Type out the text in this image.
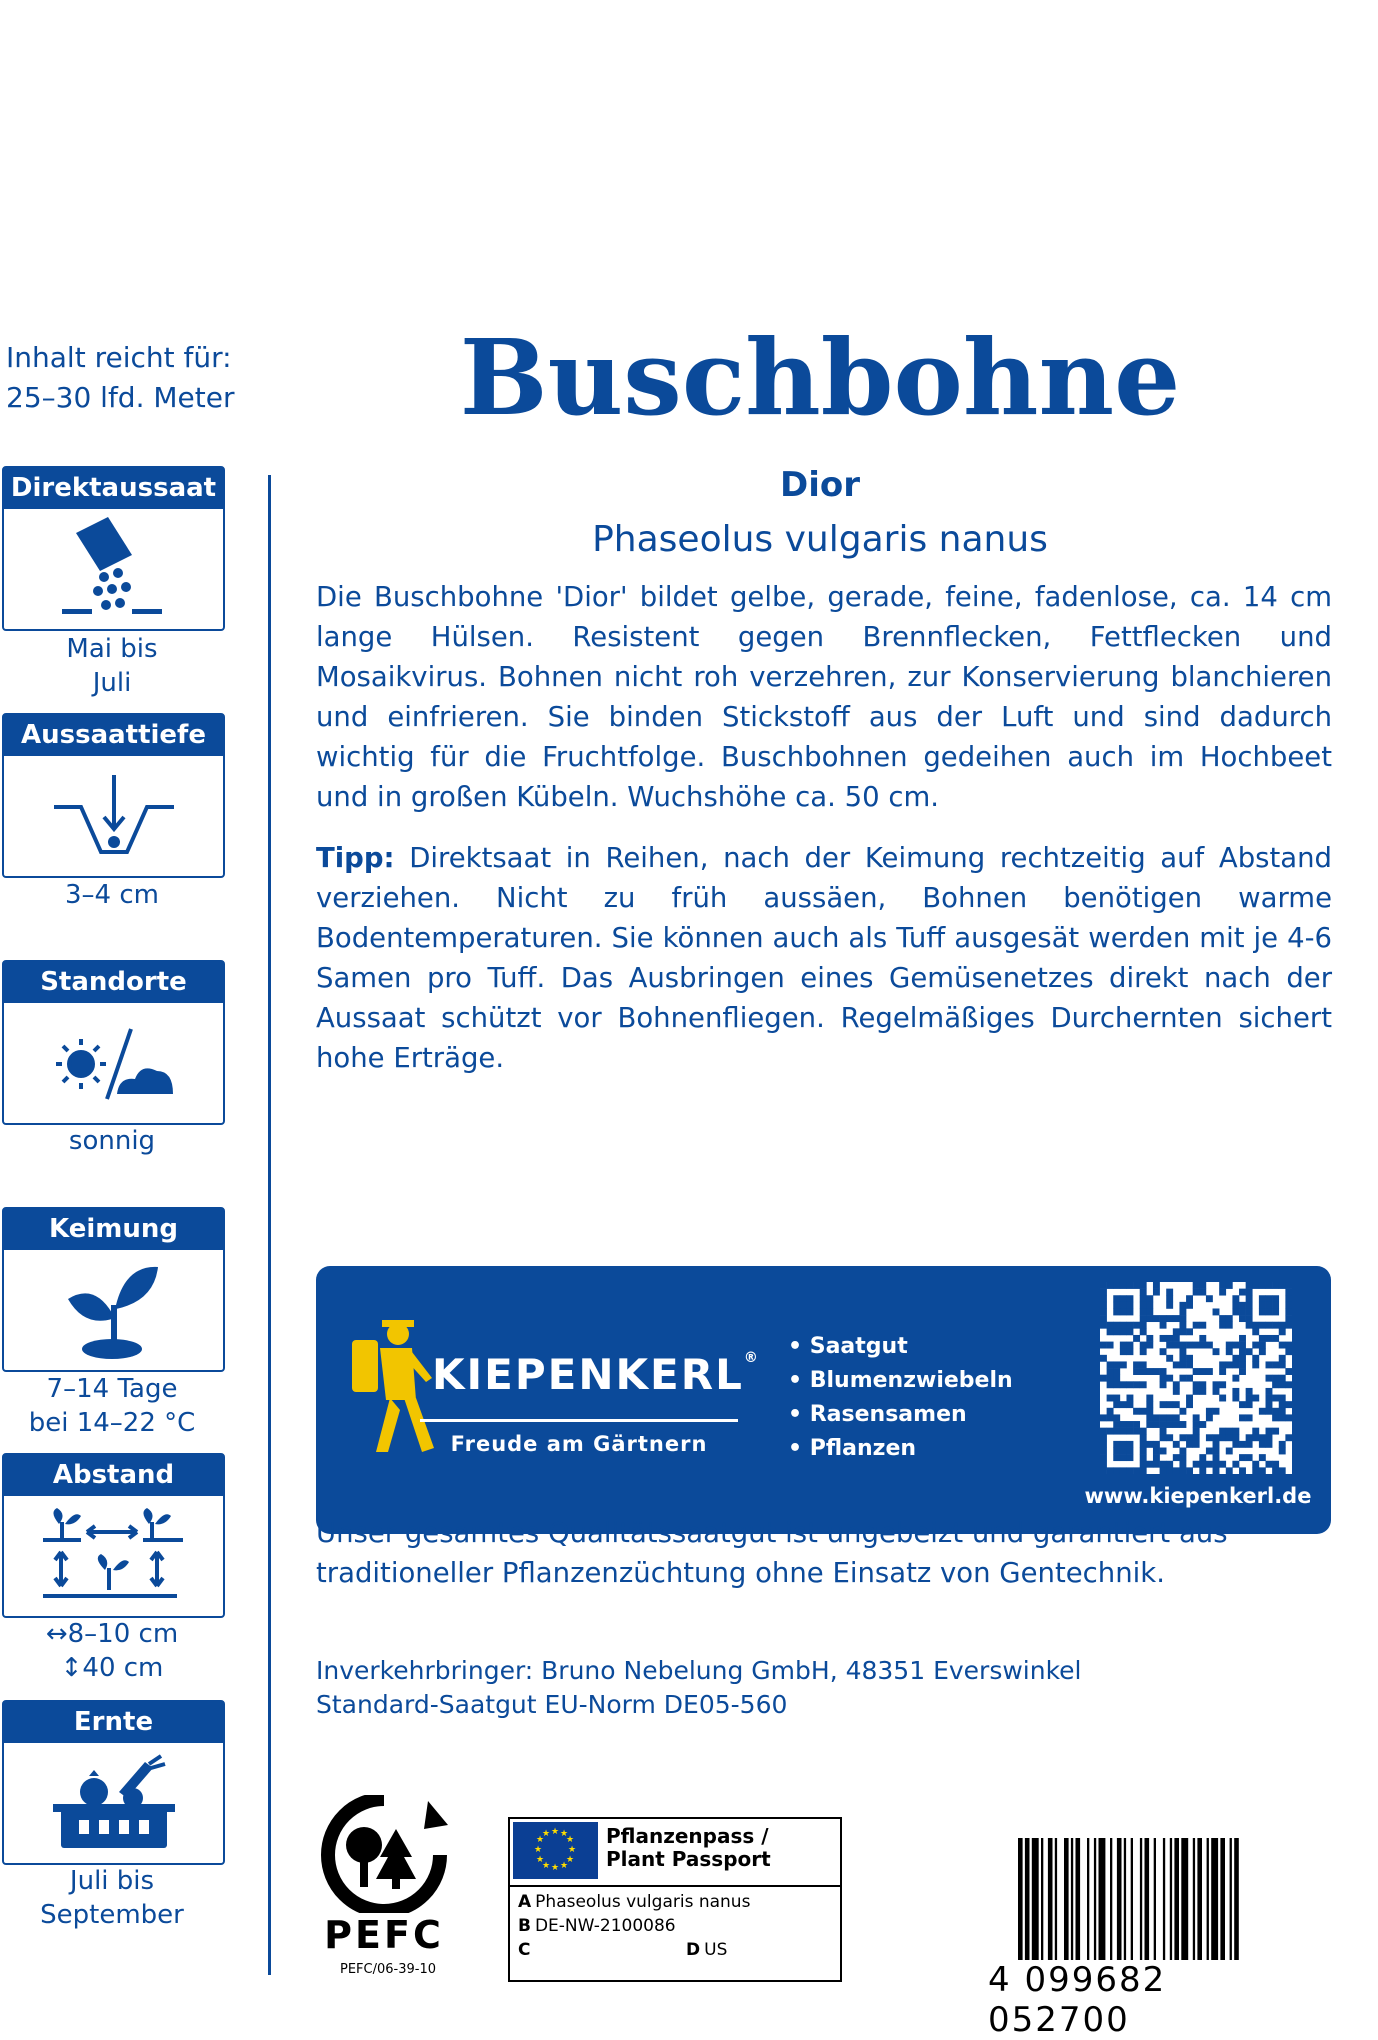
Inhalt reicht für:
25–30 lfd. Meter
Direktaussaat
Mai bis
Juli
Aussaattiefe
3–4 cm
Standorte
sonnig
Keimung
7–14 Tage
bei 14–22 °C
Abstand
↔8–10 cm
↕40 cm
Ernte
Juli bis
September
Buschbohne
Dior
Phaseolus vulgaris nanus
Die Buschbohne 'Dior' bildet gelbe, gerade, feine, fadenlose, ca. 14 cm lange Hülsen. Resistent gegen Brennflecken, Fettflecken und Mosaikvirus. Bohnen nicht roh verzehren, zur Konservierung blanchieren und einfrieren. Sie binden Stickstoff aus der Luft und sind dadurch wichtig für die Fruchtfolge. Buschbohnen gedeihen auch im Hochbeet und in großen Kübeln. Wuchshöhe ca. 50 cm.
Tipp: Direktsaat in Reihen, nach der Keimung rechtzeitig auf Abstand verziehen. Nicht zu früh aussäen, Bohnen benötigen warme Bodentemperaturen. Sie können auch als Tuff ausgesät werden mit je 4-6 Samen pro Tuff. Das Ausbringen eines Gemüsenetzes direkt nach der Aussaat schützt vor Bohnenfliegen. Regelmäßiges Durchernten sichert hohe Erträge.
KIEPENKERL®
Freude am Gärtnern
• Saatgut
• Blumenzwiebeln
• Rasensamen
• Pflanzen
www.kiepenkerl.de
Unser gesamtes Qualitätssaatgut ist ungebeizt und garantiert aus traditioneller Pflanzenzüchtung ohne Einsatz von Gentechnik.
Inverkehrbringer: Bruno Nebelung GmbH, 48351 Everswinkel
Standard-Saatgut EU-Norm DE05-560
PEFC
PEFC/06-39-10
★ ★
★
★
★
★
★
★
★
★
★
★	Pflanzenpass /
Plant Passport
A Phaseolus vulgaris nanus
B DE-NW-2100086
C	D US
4 099682 052700
